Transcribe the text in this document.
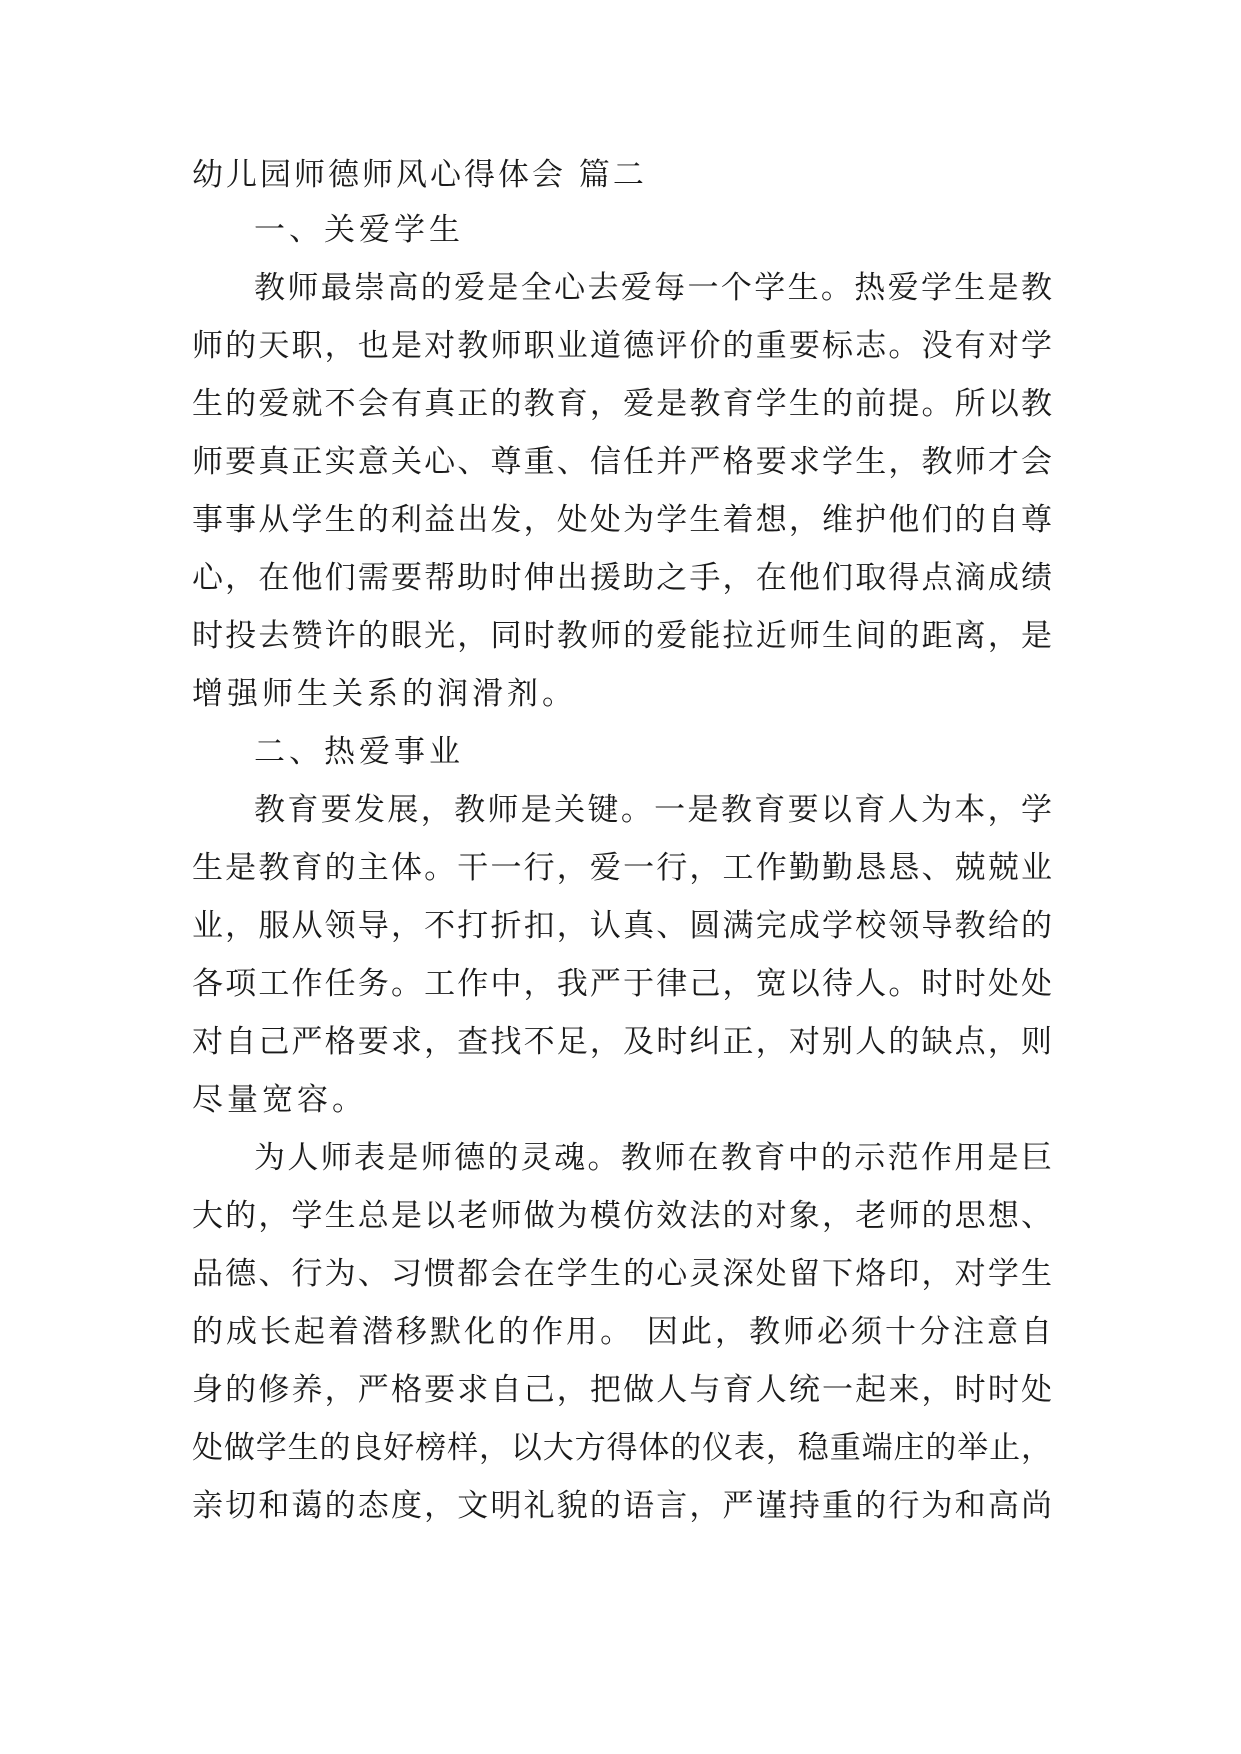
幼儿园师德师风心得体会 篇二
一、关爱学生
教师最崇高的爱是全心去爱每一个学生。热爱学生是教
师的天职，也是对教师职业道德评价的重要标志。没有对学
生的爱就不会有真正的教育，爱是教育学生的前提。所以教
师要真正实意关心、尊重、信任并严格要求学生，教师才会
事事从学生的利益出发，处处为学生着想，维护他们的自尊
心，在他们需要帮助时伸出援助之手，在他们取得点滴成绩
时投去赞许的眼光，同时教师的爱能拉近师生间的距离，是
增强师生关系的润滑剂。
二、热爱事业
教育要发展，教师是关键。一是教育要以育人为本，学
生是教育的主体。干一行，爱一行，工作勤勤恳恳、兢兢业
业，服从领导，不打折扣，认真、圆满完成学校领导教给的
各项工作任务。工作中，我严于律己，宽以待人。时时处处
对自己严格要求，查找不足，及时纠正，对别人的缺点，则
尽量宽容。
为人师表是师德的灵魂。教师在教育中的示范作用是巨
大的，学生总是以老师做为模仿效法的对象，老师的思想、
品德、行为、习惯都会在学生的心灵深处留下烙印，对学生
的成长起着潜移默化的作用。 因此，教师必须十分注意自
身的修养，严格要求自己，把做人与育人统一起来，时时处
处做学生的良好榜样，以大方得体的仪表，稳重端庄的举止，
亲切和蔼的态度，文明礼貌的语言，严谨持重的行为和高尚
